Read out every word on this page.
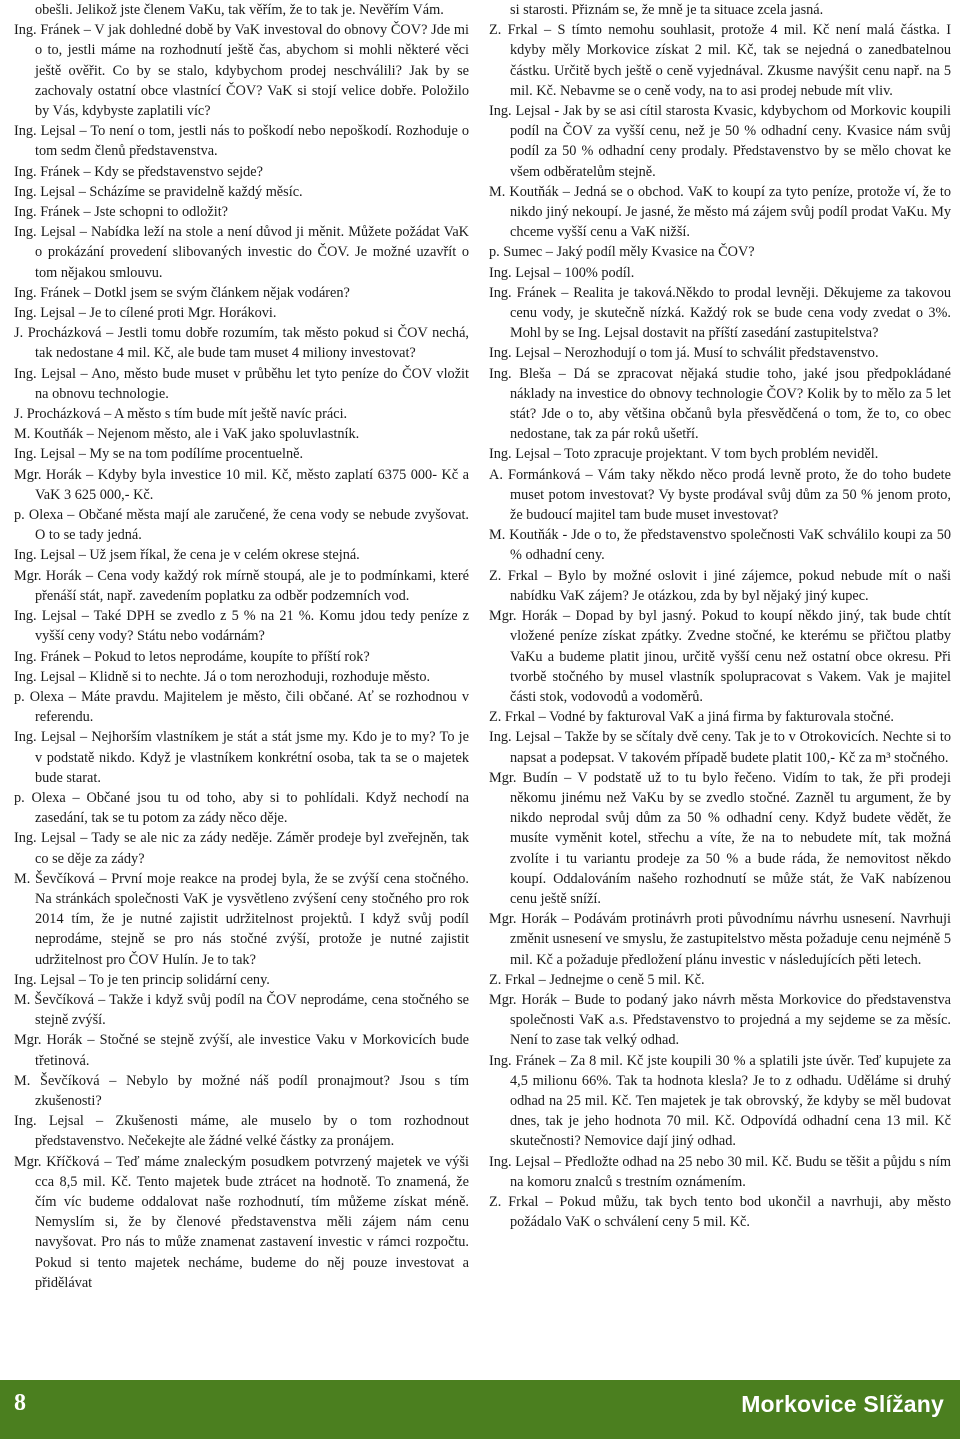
obešli. Jelikož jste členem VaKu, tak věřím, že to tak je. Nevěřím Vám.

Ing. Fránek – V jak dohledné době by VaK investoval do obnovy ČOV? Jde mi o to, jestli máme na rozhodnutí ještě čas, abychom si mohli některé věci ještě ověřit. Co by se stalo, kdybychom prodej neschválili? Jak by se zachovaly ostatní obce vlastnící ČOV? VaK si stojí velice dobře. Položilo by Vás, kdybyste zaplatili víc?

Ing. Lejsal – To není o tom, jestli nás to poškodí nebo nepoškodí. Rozhoduje o tom sedm členů představenstva.

Ing. Fránek – Kdy se představenstvo sejde?

Ing. Lejsal – Scházíme se pravidelně každý měsíc.

Ing. Fránek – Jste schopni to odložit?

Ing. Lejsal – Nabídka leží na stole a není důvod ji měnit. Můžete požádat VaK o prokázání provedení slibovaných investic do ČOV. Je možné uzavřít o tom nějakou smlouvu.

Ing. Fránek – Dotkl jsem se svým článkem nějak vodáren?

Ing. Lejsal – Je to cílené proti Mgr. Horákovi.

J. Procházková – Jestli tomu dobře rozumím, tak město pokud si ČOV nechá, tak nedostane 4 mil. Kč, ale bude tam muset 4 miliony investovat?

Ing. Lejsal – Ano, město bude muset v průběhu let tyto peníze do ČOV vložit na obnovu technologie.

J. Procházková – A město s tím bude mít ještě navíc práci.

M. Koutňák – Nejenom město, ale i VaK jako spoluvlastník.

Ing. Lejsal – My se na tom podílíme procentuelně.

Mgr. Horák – Kdyby byla investice 10 mil. Kč, město zaplatí 6375 000- Kč a VaK 3 625 000,- Kč.

p. Olexa – Občané města mají ale zaručené, že cena vody se nebude zvyšovat. O to se tady jedná.

Ing. Lejsal – Už jsem říkal, že cena je v celém okrese stejná.

Mgr. Horák – Cena vody každý rok mírně stoupá, ale je to podmínkami, které přenáší stát, např. zavedením poplatku za odběr podzemních vod.

Ing. Lejsal – Také DPH se zvedlo z 5 % na 21 %. Komu jdou tedy peníze z vyšší ceny vody? Státu nebo vodárnám?

Ing. Fránek – Pokud to letos neprodáme, koupíte to příští rok?

Ing. Lejsal – Klidně si to nechte. Já o tom nerozhoduji, rozhoduje město.

p. Olexa – Máte pravdu. Majitelem je město, čili občané. Ať se rozhodnou v referendu.

Ing. Lejsal – Nejhorším vlastníkem je stát a stát jsme my. Kdo je to my? To je v podstatě nikdo. Když je vlastníkem konkrétní osoba, tak ta se o majetek bude starat.

p. Olexa – Občané jsou tu od toho, aby si to pohlídali. Když nechodí na zasedání, tak se tu potom za zády něco děje.

Ing. Lejsal – Tady se ale nic za zády neděje. Záměr prodeje byl zveřejněn, tak co se děje za zády?

M. Ševčíková – První moje reakce na prodej byla, že se zvýší cena stočného. Na stránkách společnosti VaK je vysvětleno zvýšení ceny stočného pro rok 2014 tím, že je nutné zajistit udržitelnost projektů. I když svůj podíl neprodáme, stejně se pro nás stočné zvýší, protože je nutné zajistit udržitelnost pro ČOV Hulín. Je to tak?

Ing. Lejsal – To je ten princip solidární ceny.

M. Ševčíková – Takže i když svůj podíl na ČOV neprodáme, cena stočného se stejně zvýší.

Mgr. Horák – Stočné se stejně zvýší, ale investice Vaku v Morkovicích bude třetinová.

M. Ševčíková – Nebylo by možné náš podíl pronajmout? Jsou s tím zkušenosti?

Ing. Lejsal – Zkušenosti máme, ale muselo by o tom rozhodnout představenstvo. Nečekejte ale žádné velké částky za pronájem.

Mgr. Kříčková – Teď máme znaleckým posudkem potvrzený majetek ve výši cca 8,5 mil. Kč. Tento majetek bude ztrácet na hodnotě. To znamená, že čím víc budeme oddalovat naše rozhodnutí, tím můžeme získat méně. Nemyslím si, že by členové představenstva měli zájem nám cenu navyšovat. Pro nás to může znamenat zastavení investic v rámci rozpočtu. Pokud si tento majetek necháme, budeme do něj pouze investovat a přidělávat

si starosti. Přiznám se, že mně je ta situace zcela jasná.

Z. Frkal – S tímto nemohu souhlasit, protože 4 mil. Kč není malá částka. I kdyby měly Morkovice získat 2 mil. Kč, tak se nejedná o zanedbatelnou částku. Určitě bych ještě o ceně vyjednával. Zkusme navýšit cenu např. na 5 mil. Kč. Nebavme se o ceně vody, na to asi prodej nebude mít vliv.

Ing. Lejsal - Jak by se asi cítil starosta Kvasic, kdybychom od Morkovic koupili podíl na ČOV za vyšší cenu, než je 50 % odhadní ceny. Kvasice nám svůj podíl za 50 % odhadní ceny prodaly. Představenstvo by se mělo chovat ke všem odběratelům stejně.

M. Koutňák – Jedná se o obchod. VaK to koupí za tyto peníze, protože ví, že to nikdo jiný nekoupí. Je jasné, že město má zájem svůj podíl prodat VaKu. My chceme vyšší cenu a VaK nižší.

p. Sumec – Jaký podíl měly Kvasice na ČOV?

Ing. Lejsal – 100% podíl.

Ing. Fránek – Realita je taková.Někdo to prodal levněji. Děkujeme za takovou cenu vody, je skutečně nízká. Každý rok se bude cena vody zvedat o 3%. Mohl by se Ing. Lejsal dostavit na příští zasedání zastupitelstva?

Ing. Lejsal – Nerozhodují o tom já. Musí to schválit představenstvo.

Ing. Bleša – Dá se zpracovat nějaká studie toho, jaké jsou předpokládané náklady na investice do obnovy technologie ČOV? Kolik by to mělo za 5 let stát? Jde o to, aby většina občanů byla přesvědčená o tom, že to, co obec nedostane, tak za pár roků ušetří.

Ing. Lejsal – Toto zpracuje projektant. V tom bych problém neviděl.

A. Formánková – Vám taky někdo něco prodá levně proto, že do toho budete muset potom investovat? Vy byste prodával svůj dům za 50 % jenom proto, že budoucí majitel tam bude muset investovat?

M. Koutňák - Jde o to, že představenstvo společnosti VaK schválilo koupi za 50 % odhadní ceny.

Z. Frkal – Bylo by možné oslovit i jiné zájemce, pokud nebude mít o naši nabídku VaK zájem? Je otázkou, zda by byl nějaký jiný kupec.

Mgr. Horák – Dopad by byl jasný. Pokud to koupí někdo jiný, tak bude chtít vložené peníze získat zpátky. Zvedne stočné, ke kterému se přičtou platby VaKu a budeme platit jinou, určitě vyšší cenu než ostatní obce okresu. Při tvorbě stočného by musel vlastník spolupracovat s Vakem. Vak je majitel části stok, vodovodů a vodoměrů.

Z. Frkal – Vodné by fakturoval VaK a jiná firma by fakturovala stočné.

Ing. Lejsal – Takže by se sčítaly dvě ceny. Tak je to v Otrokovicích. Nechte si to napsat a podepsat. V takovém případě budete platit 100,- Kč za m³ stočného.

Mgr. Budín – V podstatě už to tu bylo řečeno. Vidím to tak, že při prodeji někomu jinému než VaKu by se zvedlo stočné. Zazněl tu argument, že by nikdo neprodal svůj dům za 50 % odhadní ceny. Když budete vědět, že musíte vyměnit kotel, střechu a víte, že na to nebudete mít, tak možná zvolíte i tu variantu prodeje za 50 % a bude ráda, že nemovitost někdo koupí. Oddalováním našeho rozhodnutí se může stát, že VaK nabízenou cenu ještě sníží.

Mgr. Horák – Podávám protinávrh proti původnímu návrhu usnesení. Navrhuji změnit usnesení ve smyslu, že zastupitelstvo města požaduje cenu nejméně 5 mil. Kč a požaduje předložení plánu investic v následujících pěti letech.

Z. Frkal – Jednejme o ceně 5 mil. Kč.

Mgr. Horák – Bude to podaný jako návrh města Morkovice do představenstva společnosti VaK a.s. Představenstvo to projedná a my sejdeme se za měsíc. Není to zase tak velký odhad.

Ing. Fránek – Za 8 mil. Kč jste koupili 30 % a splatili jste úvěr. Teď kupujete za 4,5 milionu 66%. Tak ta hodnota klesla? Je to z odhadu. Uděláme si druhý odhad na 25 mil. Kč. Ten majetek je tak obrovský, že kdyby se měl budovat dnes, tak je jeho hodnota 70 mil. Kč. Odpovídá odhadní cena 13 mil. Kč skutečnosti? Nemovice dají jiný odhad.

Ing. Lejsal – Předložte odhad na 25 nebo 30 mil. Kč. Budu se těšit a půjdu s ním na komoru znalců s trestním oznámením.

Z. Frkal – Pokud můžu, tak bych tento bod ukončil a navrhuji, aby město požádalo VaK o schválení ceny 5 mil. Kč.

8	Morkovice Slížany
